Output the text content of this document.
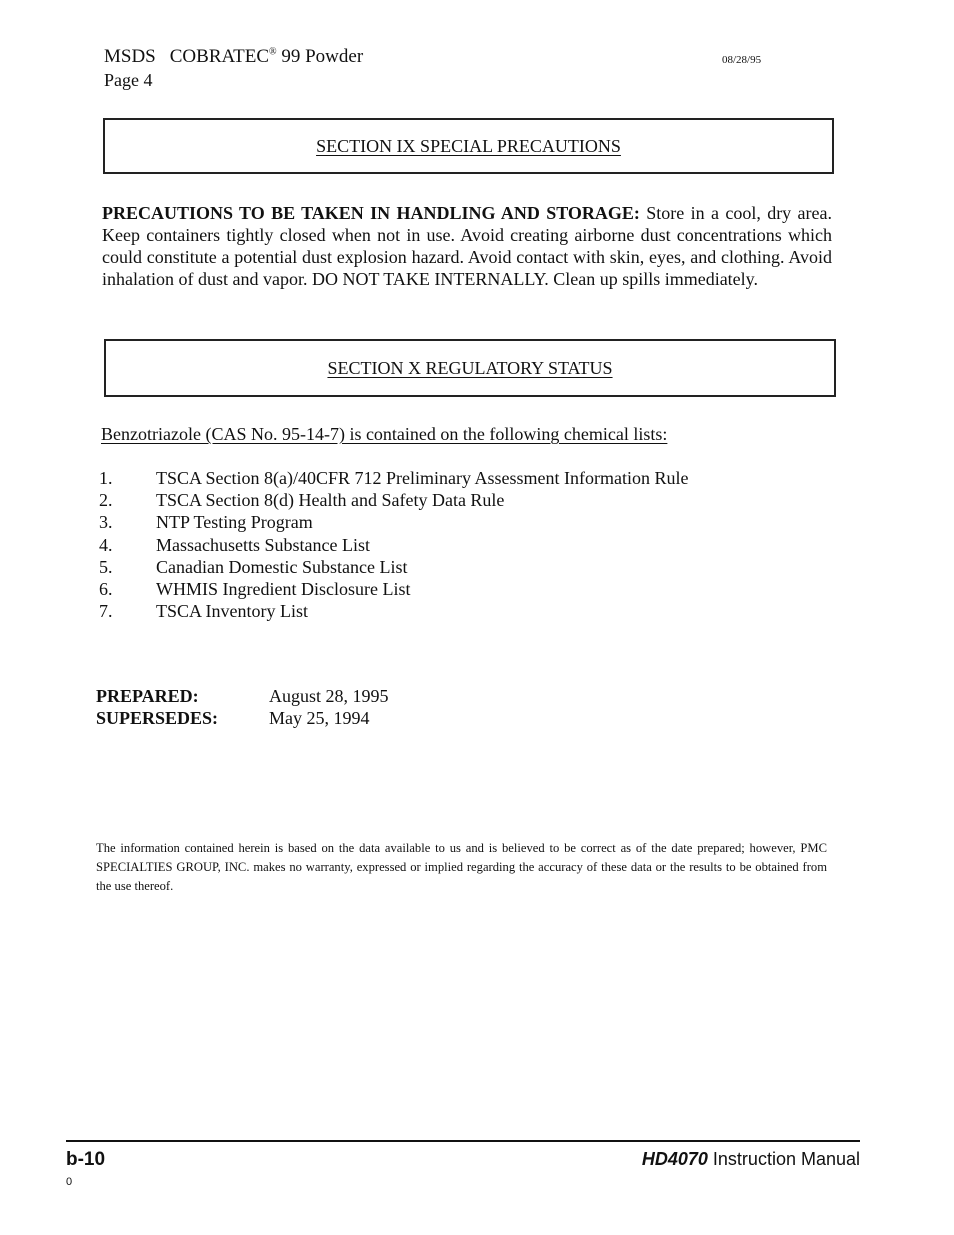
MSDS COBRATEC® 99 Powder
Page 4
08/28/95
SECTION IX SPECIAL PRECAUTIONS
PRECAUTIONS TO BE TAKEN IN HANDLING AND STORAGE: Store in a cool, dry area. Keep containers tightly closed when not in use. Avoid creating airborne dust concentrations which could constitute a potential dust explosion hazard. Avoid contact with skin, eyes, and clothing. Avoid inhalation of dust and vapor. DO NOT TAKE INTERNALLY. Clean up spills immediately.
SECTION X REGULATORY STATUS
Benzotriazole (CAS No. 95-14-7) is contained on the following chemical lists:
1. TSCA Section 8(a)/40CFR 712 Preliminary Assessment Information Rule
2. TSCA Section 8(d) Health and Safety Data Rule
3. NTP Testing Program
4. Massachusetts Substance List
5. Canadian Domestic Substance List
6. WHMIS Ingredient Disclosure List
7. TSCA Inventory List
PREPARED:	August 28, 1995
SUPERSEDES:	May 25, 1994
The information contained herein is based on the data available to us and is believed to be correct as of the date prepared; however, PMC SPECIALTIES GROUP, INC. makes no warranty, expressed or implied regarding the accuracy of these data or the results to be obtained from the use thereof.
b-10	HD4070 Instruction Manual
0
